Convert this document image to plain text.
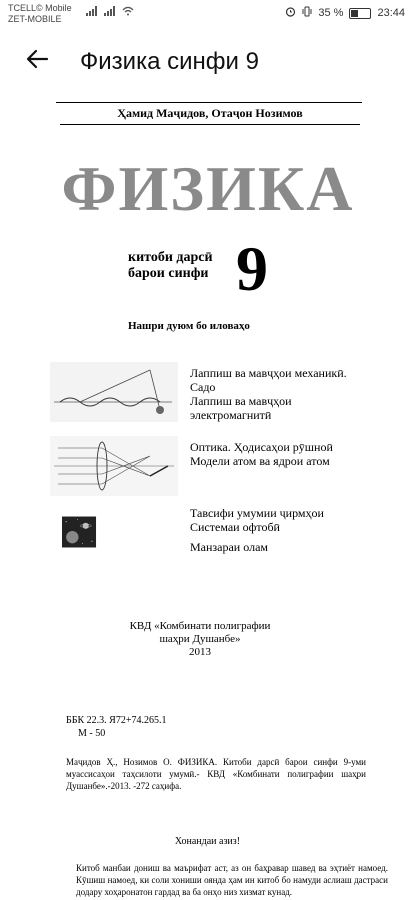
TCELL© Mobile
ZET-MOBILE	35 %	23:44
Физика синфи 9
Ҳамид Маҷидов, Отаҷон Нозимов
ФИЗИКА
китоби дарсӣ
барои синфи 9
Нашри дуюм бо иловаҳо
Лаппиш ва мавҷҳои механикӣ.
Садо
Лаппиш ва мавҷҳои
электромагнитӣ
Оптика. Ҳодисаҳои рӯшноӣ
Модели атом ва ядрои атом
Тавсифи умумии ҷирмҳои
Системаи офтобӣ
Манзараи олам
КВД «Комбинати полиграфии
шаҳри Душанбе»
2013
ББК 22.3. Я72+74.265.1
М - 50
Маҷидов Ҳ., Нозимов О. ФИЗИКА. Китоби дарсӣ барои синфи 9-уми муассисаҳои таҳсилоти умумӣ.- КВД «Комбинати полиграфии шаҳри Душанбе».-2013. -272 саҳифа.
Хонандаи азиз!
Китоб манбаи дониш ва маърифат аст, аз он баҳравар шавед ва эҳтиёт намоед. Кӯшиш намоед, ки соли хониши оянда ҳам ин китоб бо намуди аслиаш дастраси додару хоҳаронатон гардад ва ба онҳо низ хизмат кунад.
